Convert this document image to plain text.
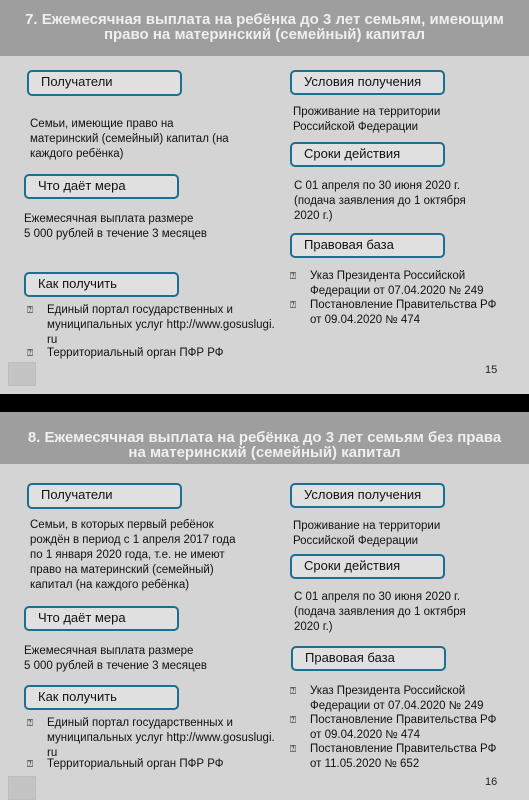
7. Ежемесячная выплата на ребёнка до 3 лет семьям, имеющим
право на материнский (семейный) капитал
Получатели
Семьи, имеющие право на
материнский (семейный) капитал (на
каждого ребёнка)
Что даёт мера
Ежемесячная выплата размере
5 000 рублей в течение 3 месяцев
Как получить
⍰ Единый портал государственных и
муниципальных услуг http://www.gosuslugi.
ru
⍰ Территориальный орган ПФР РФ
Условия получения
Проживание на территории
Российской Федерации
Сроки действия
С 01 апреля по 30 июня 2020 г.
(подача заявления до 1 октября
2020 г.)
Правовая база
⍰ Указ Президента Российской
Федерации от 07.04.2020 № 249
⍰ Постановление Правительства РФ
от 09.04.2020 № 474
15
8. Ежемесячная выплата на ребёнка до 3 лет семьям без права
на материнский (семейный) капитал
Получатели
Семьи, в которых первый ребёнок
рождён в период с 1 апреля 2017 года
по 1 января 2020 года, т.е. не имеют
право на материнский (семейный)
капитал (на каждого ребёнка)
Что даёт мера
Ежемесячная выплата размере
5 000 рублей в течение 3 месяцев
Как получить
⍰ Единый портал государственных и
муниципальных услуг http://www.gosuslugi.
ru
⍰ Территориальный орган ПФР РФ
Условия получения
Проживание на территории
Российской Федерации
Сроки действия
С 01 апреля по 30 июня 2020 г.
(подача заявления до 1 октября
2020 г.)
Правовая база
⍰ Указ Президента Российской
Федерации от 07.04.2020 № 249
⍰ Постановление Правительства РФ
от 09.04.2020 № 474
⍰ Постановление Правительства РФ
от 11.05.2020 № 652
16
